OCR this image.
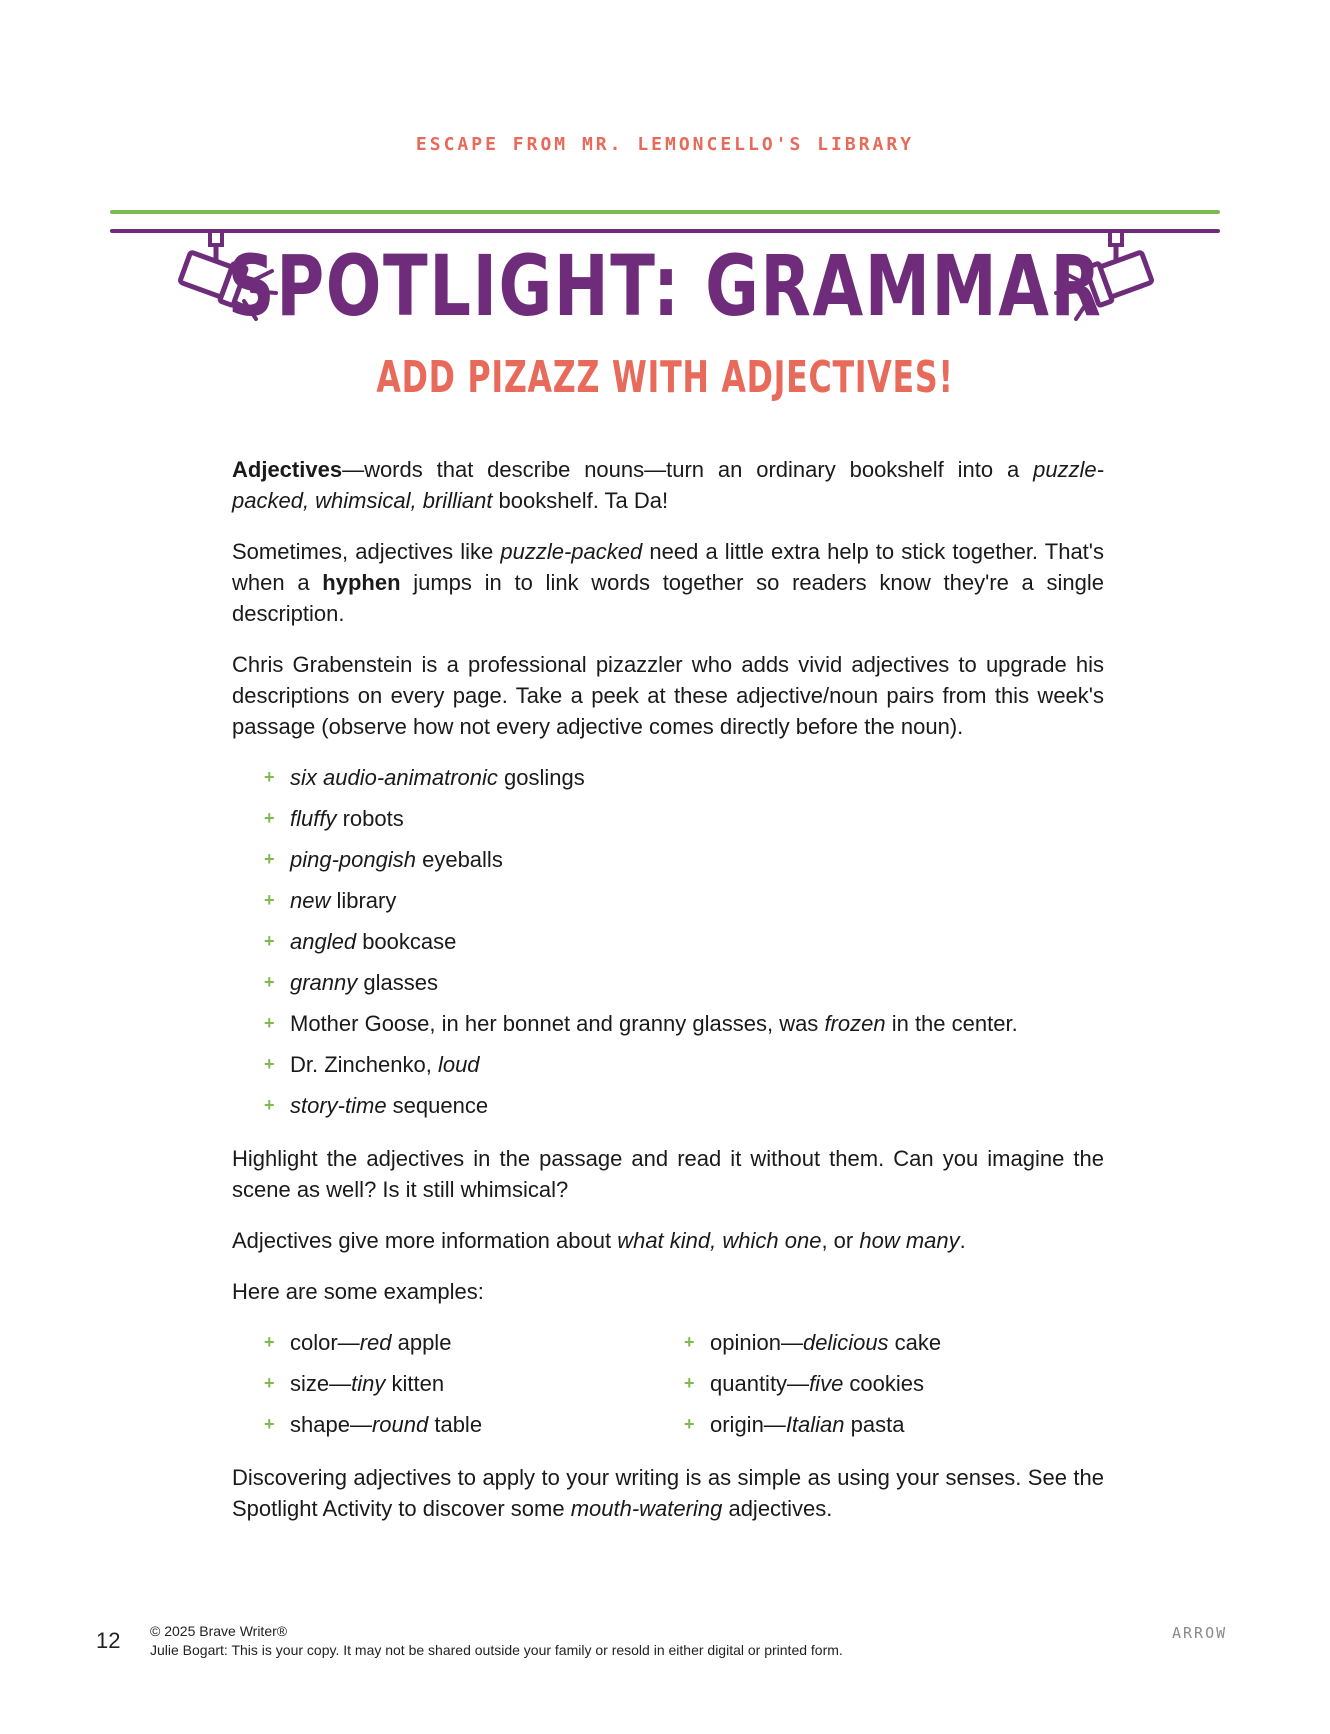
ESCAPE FROM MR. LEMONCELLO'S LIBRARY
SPOTLIGHT: GRAMMAR
ADD PIZAZZ WITH ADJECTIVES!

Adjectives—words that describe nouns—turn an ordinary bookshelf into a puzzle-packed, whimsical, brilliant bookshelf. Ta Da!

Sometimes, adjectives like puzzle-packed need a little extra help to stick together. That's when a hyphen jumps in to link words together so readers know they're a single description.

Chris Grabenstein is a professional pizazzler who adds vivid adjectives to upgrade his descriptions on every page. Take a peek at these adjective/noun pairs from this week's passage (observe how not every adjective comes directly before the noun).

+ six audio-animatronic goslings
+ fluffy robots
+ ping-pongish eyeballs
+ new library
+ angled bookcase
+ granny glasses
+ Mother Goose, in her bonnet and granny glasses, was frozen in the center.
+ Dr. Zinchenko, loud
+ story-time sequence

Highlight the adjectives in the passage and read it without them. Can you imagine the scene as well? Is it still whimsical?

Adjectives give more information about what kind, which one, or how many.

Here are some examples:

+ color—red apple
+ size—tiny kitten
+ shape—round table
+ opinion—delicious cake
+ quantity—five cookies
+ origin—Italian pasta

Discovering adjectives to apply to your writing is as simple as using your senses. See the Spotlight Activity to discover some mouth-watering adjectives.

12 © 2025 Brave Writer®
Julie Bogart: This is your copy. It may not be shared outside your family or resold in either digital or printed form.
ARROW
